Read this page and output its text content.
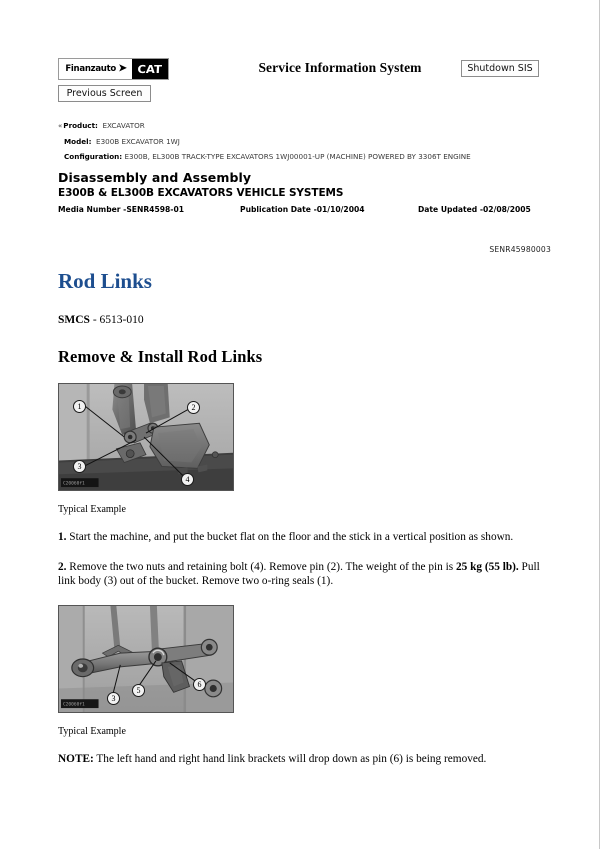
Finanzauto ➤ CAT	Service Information System	Shutdown SIS
Previous Screen
«Product: EXCAVATOR
Model: E300B EXCAVATOR 1WJ
Configuration: E300B, EL300B TRACK-TYPE EXCAVATORS 1WJ00001-UP (MACHINE) POWERED BY 3306T ENGINE
Disassembly and Assembly
E300B & EL300B EXCAVATORS VEHICLE SYSTEMS
Media Number -SENR4598-01	Publication Date -01/10/2004	Date Updated -02/08/2005
SENR45980003
Rod Links
SMCS - 6513-010
Remove & Install Rod Links
C20060f1
1	2
3
4
Typical Example
1. Start the machine, and put the bucket flat on the floor and the stick in a vertical position as shown.
2. Remove the two nuts and retaining bolt (4). Remove pin (2). The weight of the pin is 25 kg (55 lb). Pull link body (3) out of the bucket. Remove two o-ring seals (1).
C20060f1
3
5
6
Typical Example
NOTE: The left hand and right hand link brackets will drop down as pin (6) is being removed.
